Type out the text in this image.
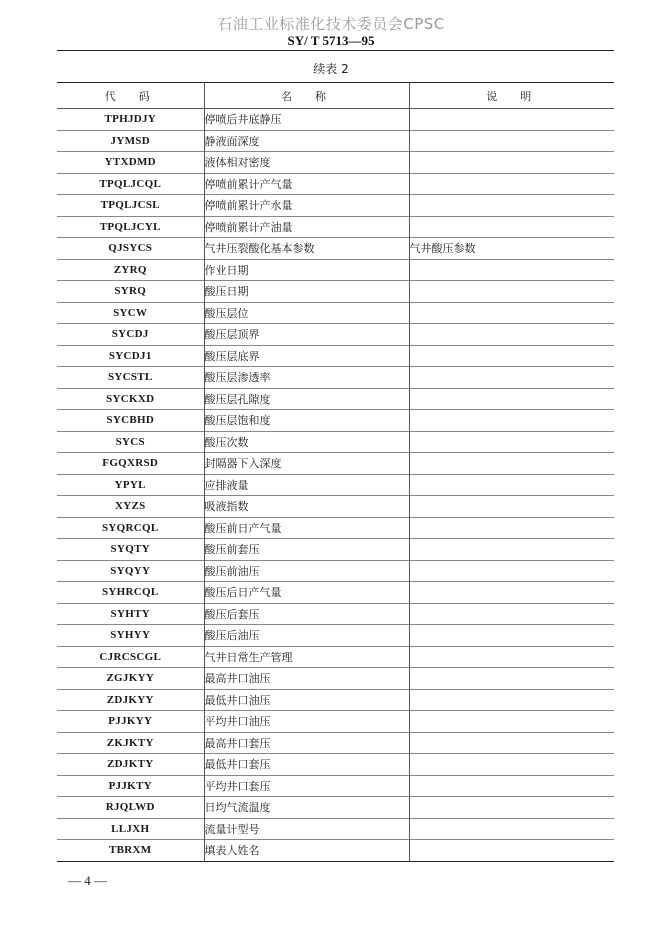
石油工业标准化技术委员会CPSC
SY/ T 5713—95
续表 2
代　码	名　称	说　明
TPHJDJY	停喷后井底静压	
JYMSD	静液面深度	
YTXDMD	液体相对密度	
TPQLJCQL	停喷前累计产气量	
TPQLJCSL	停喷前累计产水量	
TPQLJCYL	停喷前累计产油量	
QJSYCS	气井压裂酸化基本参数	气井酸压参数
ZYRQ	作业日期	
SYRQ	酸压日期	
SYCW	酸压层位	
SYCDJ	酸压层顶界	
SYCDJ1	酸压层底界	
SYCSTL	酸压层渗透率	
SYCKXD	酸压层孔隙度	
SYCBHD	酸压层饱和度	
SYCS	酸压次数	
FGQXRSD	封隔器下入深度	
YPYL	应排液量	
XYZS	吸液指数	
SYQRCQL	酸压前日产气量	
SYQTY	酸压前套压	
SYQYY	酸压前油压	
SYHRCQL	酸压后日产气量	
SYHTY	酸压后套压	
SYHYY	酸压后油压	
CJRCSCGL	气井日常生产管理	
ZGJKYY	最高井口油压	
ZDJKYY	最低井口油压	
PJJKYY	平均井口油压	
ZKJKTY	最高井口套压	
ZDJKTY	最低井口套压	
PJJKTY	平均井口套压	
RJQLWD	日均气流温度	
LLJXH	流量计型号	
TBRXM	填表人姓名	
— 4 —
